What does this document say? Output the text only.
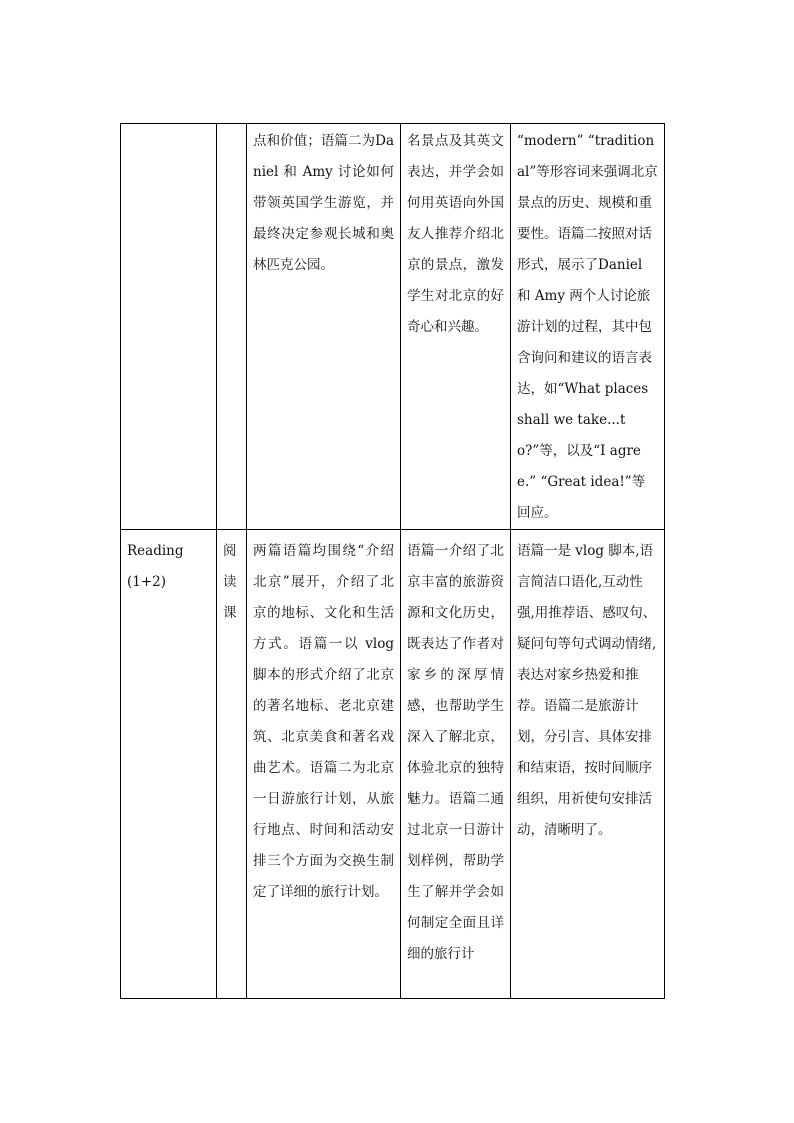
		点和价值；语篇二为Daniel 和 Amy 讨论如何带领英国学生游览，并最终决定参观长城和奥林匹克公园。	名景点及其英文表达，并学会如何用英语向外国友人推荐介绍北京的景点，激发学生对北京的好奇心和兴趣。	“modern” “traditional”等形容词来强调北京景点的历史、规模和重要性。语篇二按照对话形式，展示了Daniel 和 Amy 两个人讨论旅游计划的过程，其中包含询问和建议的语言表达，如“What places shall we take...to?”等，以及“I agree.” “Great idea!”等回应。

Reading
(1+2)	阅读课	两篇语篇均围绕“介绍北京”展开，介绍了北京的地标、文化和生活方式。语篇一以 vlog 脚本的形式介绍了北京的著名地标、老北京建筑、北京美食和著名戏曲艺术。语篇二为北京一日游旅行计划，从旅行地点、时间和活动安排三个方面为交换生制定了详细的旅行计划。	语篇一介绍了北京丰富的旅游资源和文化历史，既表达了作者对家乡的深厚情感，也帮助学生深入了解北京，体验北京的独特魅力。语篇二通过北京一日游计划样例，帮助学生了解并学会如何制定全面且详细的旅行计	语篇一是 vlog 脚本,语言简洁口语化,互动性强,用推荐语、感叹句、疑问句等句式调动情绪,表达对家乡热爱和推荐。语篇二是旅游计划，分引言、具体安排和结束语，按时间顺序组织，用祈使句安排活动，清晰明了。
